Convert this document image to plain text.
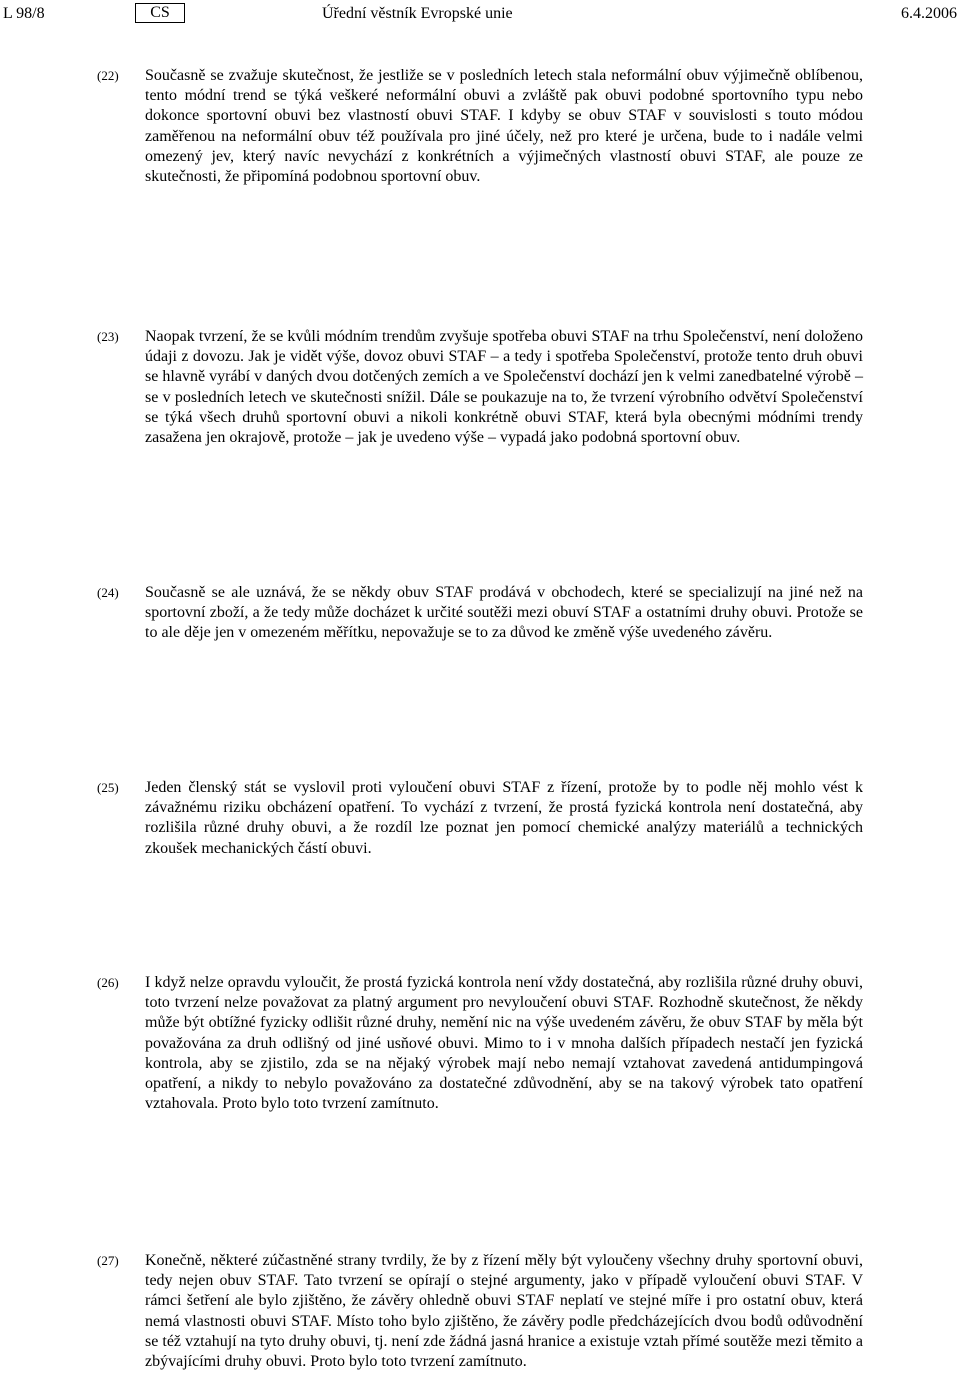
L 98/8	CS	Úřední věstník Evropské unie	6.4.2006
(22) Současně se zvažuje skutečnost, že jestliže se v posledních letech stala neformální obuv výjimečně oblíbenou, tento módní trend se týká veškeré neformální obuvi a zvláště pak obuvi podobné sportovního typu nebo dokonce sportovní obuvi bez vlastností obuvi STAF. I kdyby se obuv STAF v souvislosti s touto módou zaměřenou na neformální obuv též používala pro jiné účely, než pro které je určena, bude to i nadále velmi omezený jev, který navíc nevychází z konkrétních a výjimečných vlastností obuvi STAF, ale pouze ze skutečnosti, že připomíná podobnou sportovní obuv.
(23) Naopak tvrzení, že se kvůli módním trendům zvyšuje spotřeba obuvi STAF na trhu Společenství, není doloženo údaji z dovozu. Jak je vidět výše, dovoz obuvi STAF – a tedy i spotřeba Společenství, protože tento druh obuvi se hlavně vyrábí v daných dvou dotčených zemích a ve Společenství dochází jen k velmi zanedbatelné výrobě – se v posledních letech ve skutečnosti snížil. Dále se poukazuje na to, že tvrzení výrobního odvětví Společenství se týká všech druhů sportovní obuvi a nikoli konkrétně obuvi STAF, která byla obecnými módními trendy zasažena jen okrajově, protože – jak je uvedeno výše – vypadá jako podobná sportovní obuv.
(24) Současně se ale uznává, že se někdy obuv STAF prodává v obchodech, které se specializují na jiné než na sportovní zboží, a že tedy může docházet k určité soutěži mezi obuví STAF a ostatními druhy obuvi. Protože se to ale děje jen v omezeném měřítku, nepovažuje se to za důvod ke změně výše uvedeného závěru.
(25) Jeden členský stát se vyslovil proti vyloučení obuvi STAF z řízení, protože by to podle něj mohlo vést k závažnému riziku obcházení opatření. To vychází z tvrzení, že prostá fyzická kontrola není dostatečná, aby rozlišila různé druhy obuvi, a že rozdíl lze poznat jen pomocí chemické analýzy materiálů a technických zkoušek mechanických částí obuvi.
(26) I když nelze opravdu vyloučit, že prostá fyzická kontrola není vždy dostatečná, aby rozlišila různé druhy obuvi, toto tvrzení nelze považovat za platný argument pro nevyloučení obuvi STAF. Rozhodně skutečnost, že někdy může být obtížné fyzicky odlišit různé druhy, nemění nic na výše uvedeném závěru, že obuv STAF by měla být považována za druh odlišný od jiné usňové obuvi. Mimo to i v mnoha dalších případech nestačí jen fyzická kontrola, aby se zjistilo, zda se na nějaký výrobek mají nebo nemají vztahovat zavedená antidumpingová opatření, a nikdy to nebylo považováno za dostatečné zdůvodnění, aby se na takový výrobek tato opatření vztahovala. Proto bylo toto tvrzení zamítnuto.
(27) Konečně, některé zúčastněné strany tvrdily, že by z řízení měly být vyloučeny všechny druhy sportovní obuvi, tedy nejen obuv STAF. Tato tvrzení se opírají o stejné argumenty, jako v případě vyloučení obuvi STAF. V rámci šetření ale bylo zjištěno, že závěry ohledně obuvi STAF neplatí ve stejné míře i pro ostatní obuv, která nemá vlastnosti obuvi STAF. Místo toho bylo zjištěno, že závěry podle předcházejících dvou bodů odůvodnění se též vztahují na tyto druhy obuvi, tj. není zde žádná jasná hranice a existuje vztah přímé soutěže mezi těmito a zbývajícími druhy obuvi. Proto bylo toto tvrzení zamítnuto.
